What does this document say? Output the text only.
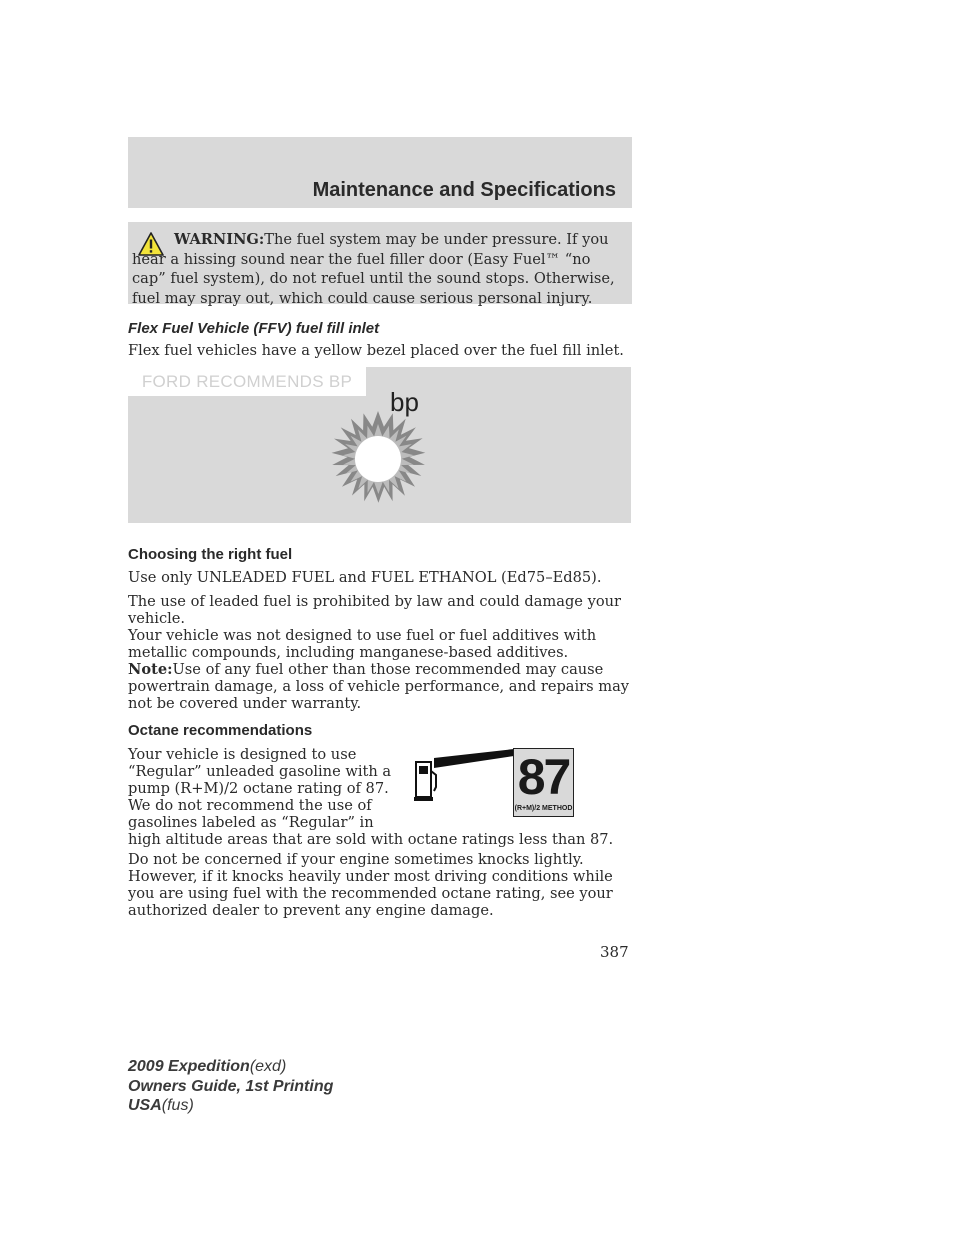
Maintenance and Specifications
WARNING:The fuel system may be under pressure. If you hear a hissing sound near the fuel filler door (Easy Fuel™ “no cap” fuel system), do not refuel until the sound stops. Otherwise, fuel may spray out, which could cause serious personal injury.
Flex Fuel Vehicle (FFV) fuel fill inlet
Flex fuel vehicles have a yellow bezel placed over the fuel fill inlet.
FORD RECOMMENDS BP
bp
Choosing the right fuel
Use only UNLEADED FUEL and FUEL ETHANOL (Ed75–Ed85).
The use of leaded fuel is prohibited by law and could damage your vehicle.
Your vehicle was not designed to use fuel or fuel additives with metallic compounds, including manganese-based additives.
Note:Use of any fuel other than those recommended may cause powertrain damage, a loss of vehicle performance, and repairs may not be covered under warranty.
Octane recommendations
Your vehicle is designed to use
“Regular” unleaded gasoline with a
pump (R+M)/2 octane rating of 87.
We do not recommend the use of
gasolines labeled as “Regular” in
high altitude areas that are sold with octane ratings less than 87.
Do not be concerned if your engine sometimes knocks lightly. However, if it knocks heavily under most driving conditions while you are using fuel with the recommended octane rating, see your authorized dealer to prevent any engine damage.
87
(R+M)/2 METHOD
387
2009 Expedition(exd)
Owners Guide, 1st Printing
USA(fus)
